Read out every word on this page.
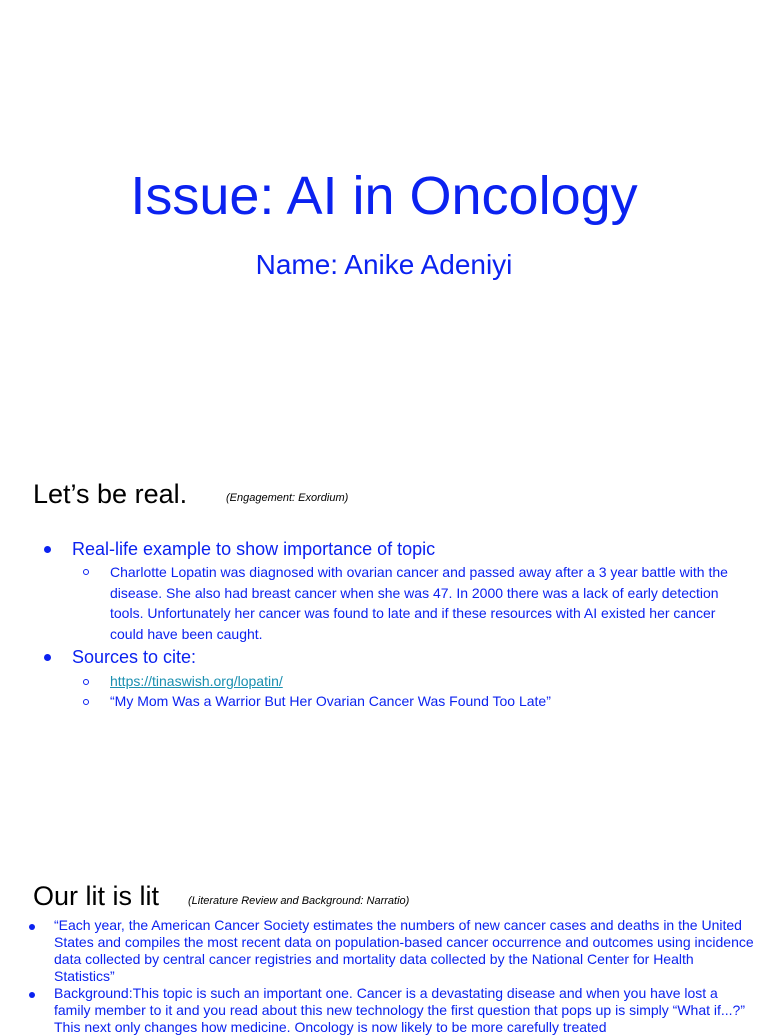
Issue: AI in Oncology
Name: Anike Adeniyi
Let’s be real.	(Engagement: Exordium)
Real-life example to show importance of topic
Charlotte Lopatin was diagnosed with ovarian cancer and passed away after a 3 year battle with the disease. She also had breast cancer when she was 47. In 2000 there was a lack of early detection tools. Unfortunately her cancer was found to late and if these resources with AI existed her cancer could have been caught.
Sources to cite:
https://tinaswish.org/lopatin/
“My Mom Was a Warrior But Her Ovarian Cancer Was Found Too Late”
Our lit is lit	(Literature Review and Background: Narratio)
“Each year, the American Cancer Society estimates the numbers of new cancer cases and deaths in the United States and compiles the most recent data on population-based cancer occurrence and outcomes using incidence data collected by central cancer registries and mortality data collected by the National Center for Health Statistics”
Background:This topic is such an important one. Cancer is a devastating disease and when you have lost a family member to it and you read about this new technology the first question that pops up is simply “What if...?” This next only changes how medicine. Oncology is now likely to be more carefully treated
